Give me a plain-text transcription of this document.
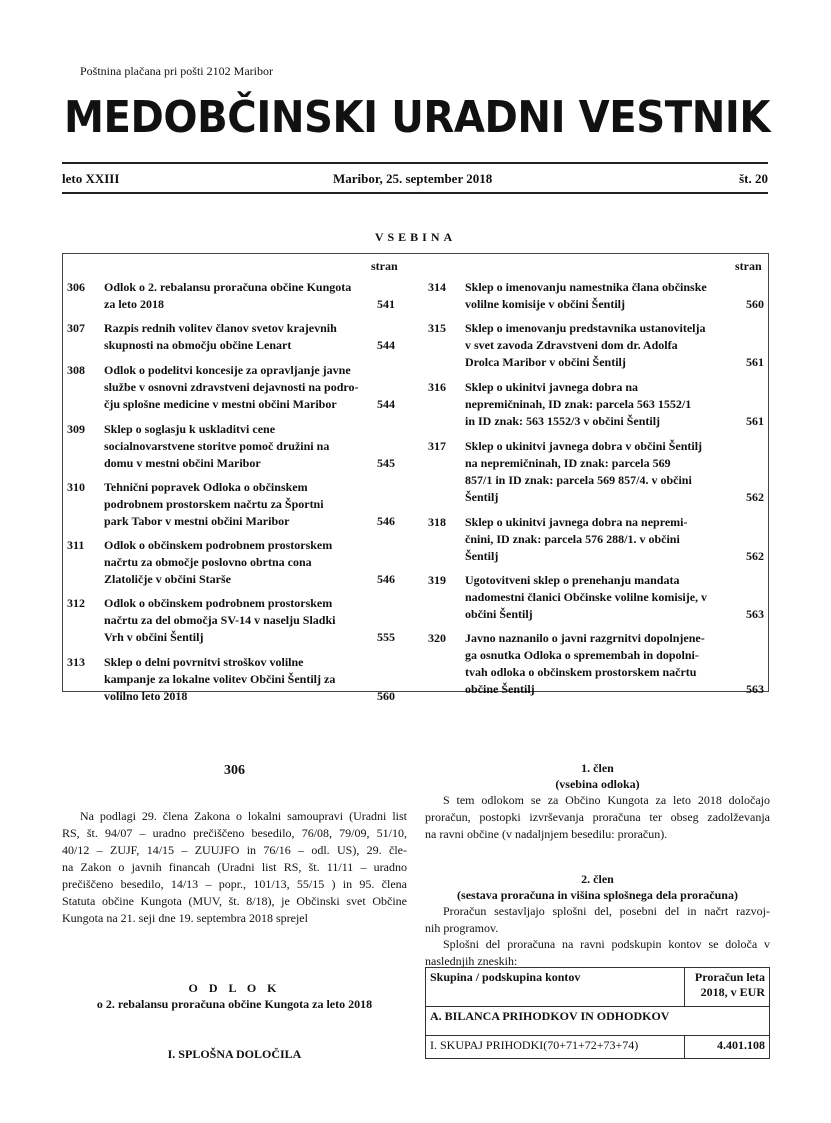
Poštnina plačana pri pošti 2102 Maribor
MEDOBČINSKI URADNI VESTNIK
leto XXIII	Maribor, 25. september 2018	št. 20
VSEBINA
stran	stran
306 Odlok o 2. rebalansu proračuna občine Kungota
za leto 2018	541
307 Razpis rednih volitev članov svetov krajevnih
skupnosti na območju občine Lenart	544
308 Odlok o podelitvi koncesije za opravljanje javne
službe v osnovni zdravstveni dejavnosti na podro-
čju splošne medicine v mestni občini Maribor	544
309 Sklep o soglasju k uskladitvi cene
socialnovarstvene storitve pomoč družini na
domu v mestni občini Maribor	545
310 Tehnični popravek Odloka o občinskem
podrobnem prostorskem načrtu za Športni
park Tabor v mestni občini Maribor	546
311 Odlok o občinskem podrobnem prostorskem
načrtu za območje poslovno obrtna cona
Zlatoličje v občini Starše	546
312 Odlok o občinskem podrobnem prostorskem
načrtu za del območja SV-14 v naselju Sladki
Vrh v občini Šentilj	555
313 Sklep o delni povrnitvi stroškov volilne
kampanje za lokalne volitev Občini Šentilj za
volilno leto 2018	560
314 Sklep o imenovanju namestnika člana občinske
volilne komisije v občini Šentilj	560
315 Sklep o imenovanju predstavnika ustanovitelja
v svet zavoda Zdravstveni dom dr. Adolfa
Drolca Maribor v občini Šentilj	561
316 Sklep o ukinitvi javnega dobra na
nepremičninah, ID znak: parcela 563 1552/1
in ID znak: 563 1552/3 v občini Šentilj	561
317 Sklep o ukinitvi javnega dobra v občini Šentilj
na nepremičninah, ID znak: parcela 569
857/1 in ID znak: parcela 569 857/4. v občini
Šentilj	562
318 Sklep o ukinitvi javnega dobra na nepremi-
čnini, ID znak: parcela 576 288/1. v občini
Šentilj	562
319 Ugotovitveni sklep o prenehanju mandata
nadomestni članici Občinske volilne komisije, v
občini Šentilj	563
320 Javno naznanilo o javni razgrnitvi dopolnjene-
ga osnutka Odloka o spremembah in dopolni-
tvah odloka o občinskem prostorskem načrtu
občine Šentilj	563
306
Na podlagi 29. člena Zakona o lokalni samoupravi (Uradni list
RS, št. 94/07 – uradno prečiščeno besedilo, 76/08, 79/09, 51/10,
40/12 – ZUJF, 14/15 – ZUUJFO in 76/16 – odl. US), 29. čle-
na Zakon o javnih financah (Uradni list RS, št. 11/11 – uradno
prečiščeno besedilo, 14/13 – popr., 101/13, 55/15 ) in 95. člena
Statuta občine Kungota (MUV, št. 8/18), je Občinski svet Občine
Kungota na 21. seji dne 19. septembra 2018 sprejel
O D L O K
o 2. rebalansu proračuna občine Kungota za leto 2018
I. SPLOŠNA DOLOČILA
1. člen
(vsebina odloka)
S tem odlokom se za Občino Kungota za leto 2018 določajo
proračun, postopki izvrševanja proračuna ter obseg zadolževanja
na ravni občine (v nadaljnjem besedilu: proračun).
2. člen
(sestava proračuna in višina splošnega dela proračuna)
Proračun sestavljajo splošni del, posebni del in načrt razvoj-
nih programov.
Splošni del proračuna na ravni podskupin kontov se določa v
naslednjih zneskih:
Skupina / podskupina kontov	Proračun leta
2018, v EUR

A. BILANCA PRIHODKOV IN ODHODKOV	
I. SKUPAJ PRIHODKI(70+71+72+73+74)	4.401.108
